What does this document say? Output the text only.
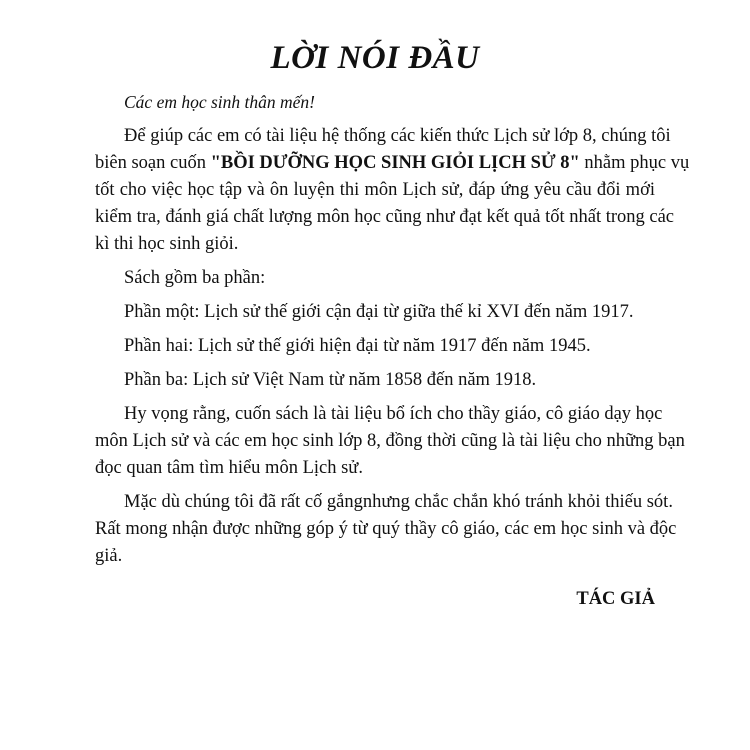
LỜI NÓI ĐẦU
Các em học sinh thân mến!
Để giúp các em có tài liệu hệ thống các kiến thức Lịch sử lớp 8, chúng tôi
biên soạn cuốn "BỒI DƯỠNG HỌC SINH GIỎI LỊCH SỬ 8" nhằm phục vụ
tốt cho việc học tập và ôn luyện thi môn Lịch sử, đáp ứng yêu cầu đổi mới
kiểm tra, đánh giá chất lượng môn học cũng như đạt kết quả tốt nhất trong các
kì thi học sinh giỏi.
Sách gồm ba phần:
Phần một: Lịch sử thế giới cận đại từ giữa thế kỉ XVI đến năm 1917.
Phần hai: Lịch sử thế giới hiện đại từ năm 1917 đến năm 1945.
Phần ba: Lịch sử Việt Nam từ năm 1858 đến năm 1918.
Hy vọng rằng, cuốn sách là tài liệu bổ ích cho thầy giáo, cô giáo dạy học
môn Lịch sử và các em học sinh lớp 8, đồng thời cũng là tài liệu cho những bạn
đọc quan tâm tìm hiểu môn Lịch sử.
Mặc dù chúng tôi đã rất cố gắngnhưng chắc chắn khó tránh khỏi thiếu sót.
Rất mong nhận được những góp ý từ quý thầy cô giáo, các em học sinh và độc
giả.
TÁC GIẢ
